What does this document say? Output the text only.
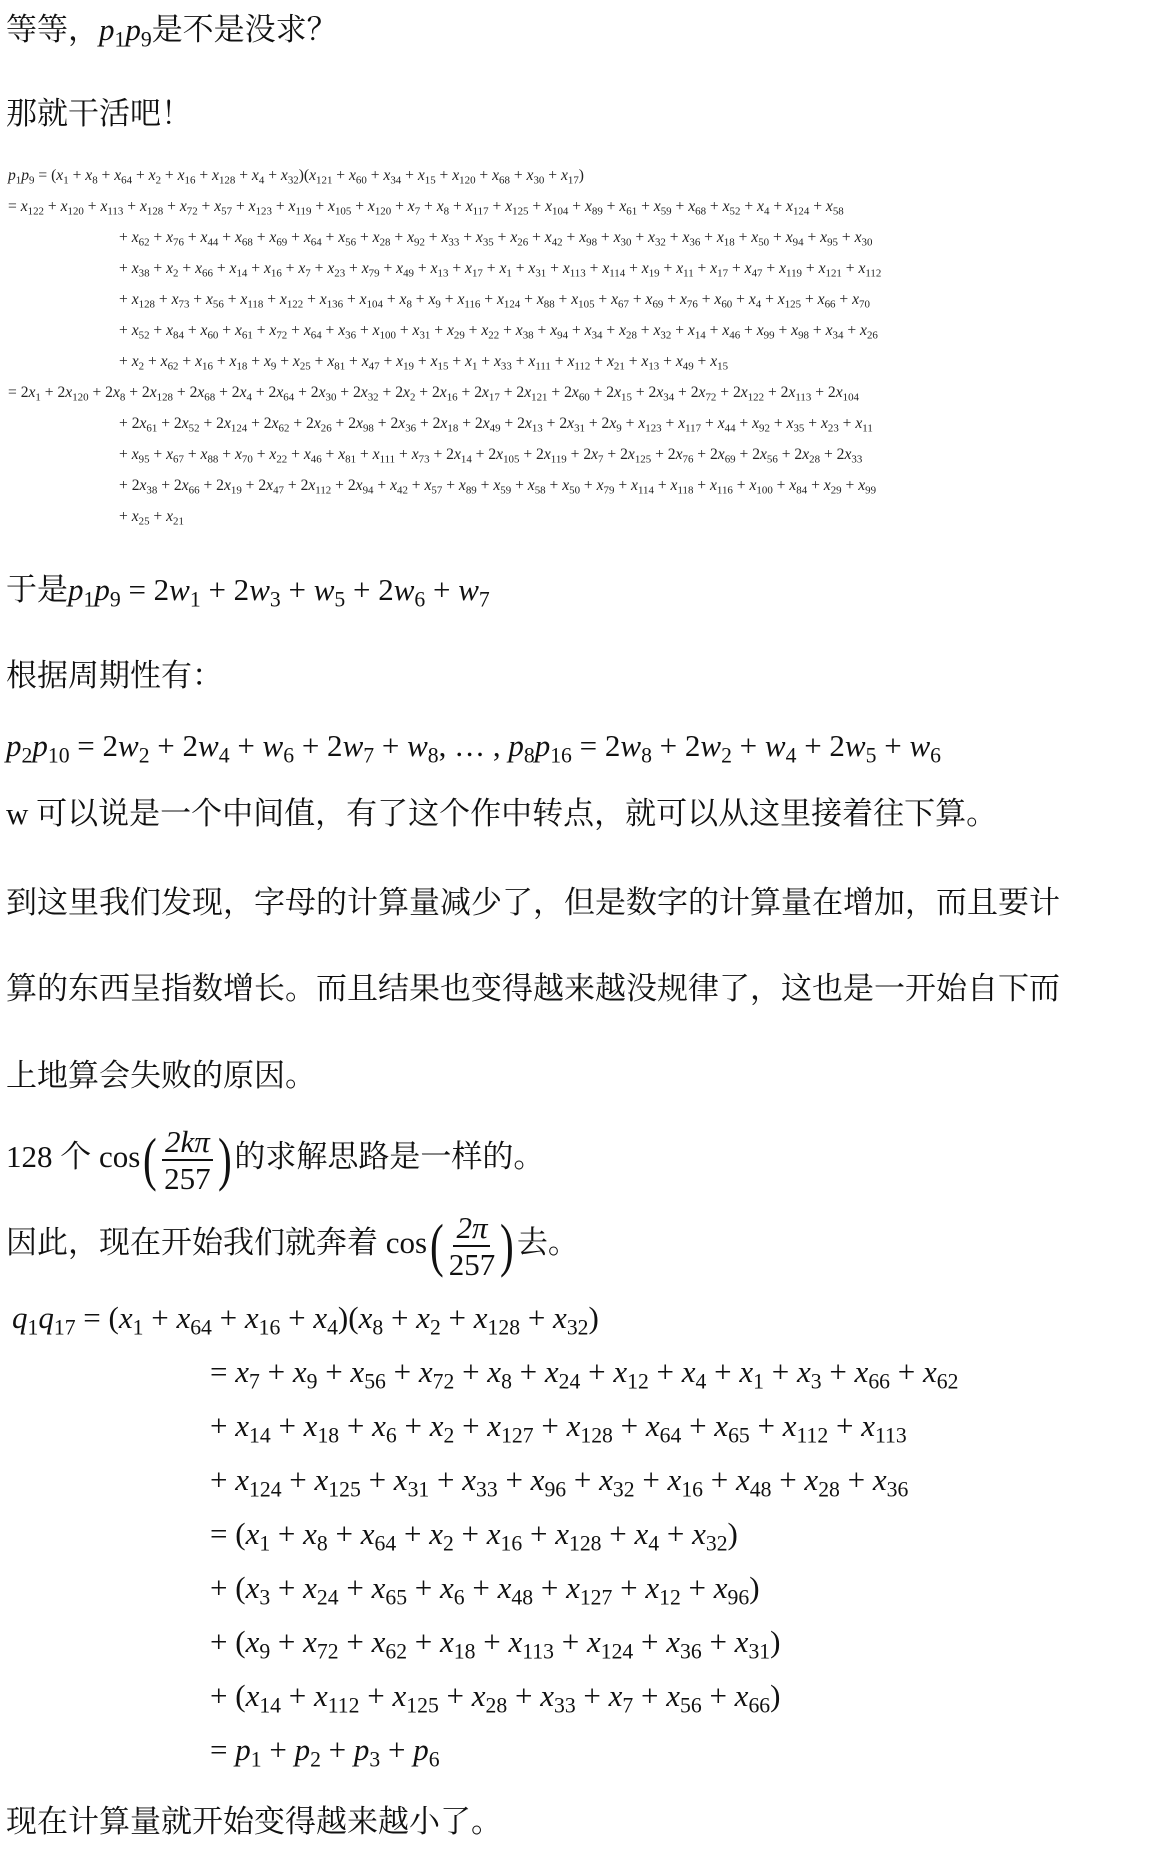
等等，$p_1p_9$是不是没求？
那就干活吧！
$p_1p_9 = (x_1 + x_8 + x_{64} + x_2 + x_{16} + x_{128} + x_4 + x_{32})(x_{121} + x_{60} + x_{34} + x_{15} + x_{120} + x_{68} + x_{30} + x_{17})$
= $x_{122} + x_{120} + x_{113} + x_{128} + x_{72} + x_{57} + x_{123} + x_{119} + x_{105} + x_{120} + x_7 + x_8 + x_{117} + x_{125} + x_{104} + x_{89} + x_{61} + x_{59} + x_{68} + x_{52} + x_4 + x_{124} + x_{58}$
+ $x_{62} + x_{76} + x_{44} + x_{68} + x_{69} + x_{64} + x_{56} + x_{28} + x_{92} + x_{33} + x_{35} + x_{26} + x_{42} + x_{98} + x_{30} + x_{32} + x_{36} + x_{18} + x_{50} + x_{94} + x_{95} + x_{30}$
+ $x_{38} + x_2 + x_{66} + x_{14} + x_{16} + x_7 + x_{23} + x_{79} + x_{49} + x_{13} + x_{17} + x_1 + x_{31} + x_{113} + x_{114} + x_{19} + x_{11} + x_{17} + x_{47} + x_{119} + x_{121} + x_{112}$
+ $x_{128} + x_{73} + x_{56} + x_{118} + x_{122} + x_{136} + x_{104} + x_8 + x_9 + x_{116} + x_{124} + x_{88} + x_{105} + x_{67} + x_{69} + x_{76} + x_{60} + x_4 + x_{125} + x_{66} + x_{70}$
+ $x_{52} + x_{84} + x_{60} + x_{61} + x_{72} + x_{64} + x_{36} + x_{100} + x_{31} + x_{29} + x_{22} + x_{38} + x_{94} + x_{34} + x_{28} + x_{32} + x_{14} + x_{46} + x_{99} + x_{98} + x_{34} + x_{26}$
+ $x_2 + x_{62} + x_{16} + x_{18} + x_9 + x_{25} + x_{81} + x_{47} + x_{19} + x_{15} + x_1 + x_{33} + x_{111} + x_{112} + x_{21} + x_{13} + x_{49} + x_{15}$
= $2x_1 + 2x_{120} + 2x_8 + 2x_{128} + 2x_{68} + 2x_4 + 2x_{64} + 2x_{30} + 2x_{32} + 2x_2 + 2x_{16} + 2x_{17} + 2x_{121} + 2x_{60} + 2x_{15} + 2x_{34} + 2x_{72} + 2x_{122} + 2x_{113} + 2x_{104}$
+ $2x_{61} + 2x_{52} + 2x_{124} + 2x_{62} + 2x_{26} + 2x_{98} + 2x_{36} + 2x_{18} + 2x_{49} + 2x_{13} + 2x_{31} + 2x_9 + x_{123} + x_{117} + x_{44} + x_{92} + x_{35} + x_{23} + x_{11}$
+ $x_{95} + x_{67} + x_{88} + x_{70} + x_{22} + x_{46} + x_{81} + x_{111} + x_{73} + 2x_{14} + 2x_{105} + 2x_{119} + 2x_7 + 2x_{125} + 2x_{76} + 2x_{69} + 2x_{56} + 2x_{28} + 2x_{33}$
+ $2x_{38} + 2x_{66} + 2x_{19} + 2x_{47} + 2x_{112} + 2x_{94} + x_{42} + x_{57} + x_{89} + x_{59} + x_{58} + x_{50} + x_{79} + x_{114} + x_{118} + x_{116} + x_{100} + x_{84} + x_{29} + x_{99}$
+ $x_{25} + x_{21}$
于是$p_1p_9 = 2w_1 + 2w_3 + w_5 + 2w_6 + w_7$
根据周期性有：
$p_2p_{10} = 2w_2 + 2w_4 + w_6 + 2w_7 + w_8$, … , $p_8p_{16} = 2w_8 + 2w_2 + w_4 + 2w_5 + w_6$
w 可以说是一个中间值，有了这个作中转点，就可以从这里接着往下算。
到这里我们发现，字母的计算量减少了，但是数字的计算量在增加，而且要计
算的东西呈指数增长。而且结果也变得越来越没规律了，这也是一开始自下而
上地算会失败的原因。
128 个 $\cos( \frac{2k\pi}{257}$ )的求解思路是一样的。
因此，现在开始我们就奔着 $\cos( \frac{2\pi}{257}$ )去。
$q_1q_{17} = (x_1 + x_{64} + x_{16} + x_4)(x_8 + x_2 + x_{128} + x_{32})$
= $x_7 + x_9 + x_{56} + x_{72} + x_8 + x_{24} + x_{12} + x_4 + x_1 + x_3 + x_{66} + x_{62}$
+ $x_{14} + x_{18} + x_6 + x_2 + x_{127} + x_{128} + x_{64} + x_{65} + x_{112} + x_{113}$
+ $x_{124} + x_{125} + x_{31} + x_{33} + x_{96} + x_{32} + x_{16} + x_{48} + x_{28} + x_{36}$
= $(x_1 + x_8 + x_{64} + x_2 + x_{16} + x_{128} + x_4 + x_{32})$
+ $(x_3 + x_{24} + x_{65} + x_6 + x_{48} + x_{127} + x_{12} + x_{96})$
+ $(x_9 + x_{72} + x_{62} + x_{18} + x_{113} + x_{124} + x_{36} + x_{31})$
+ $(x_{14} + x_{112} + x_{125} + x_{28} + x_{33} + x_7 + x_{56} + x_{66})$
= $p_1 + p_2 + p_3 + p_6$
现在计算量就开始变得越来越小了。
